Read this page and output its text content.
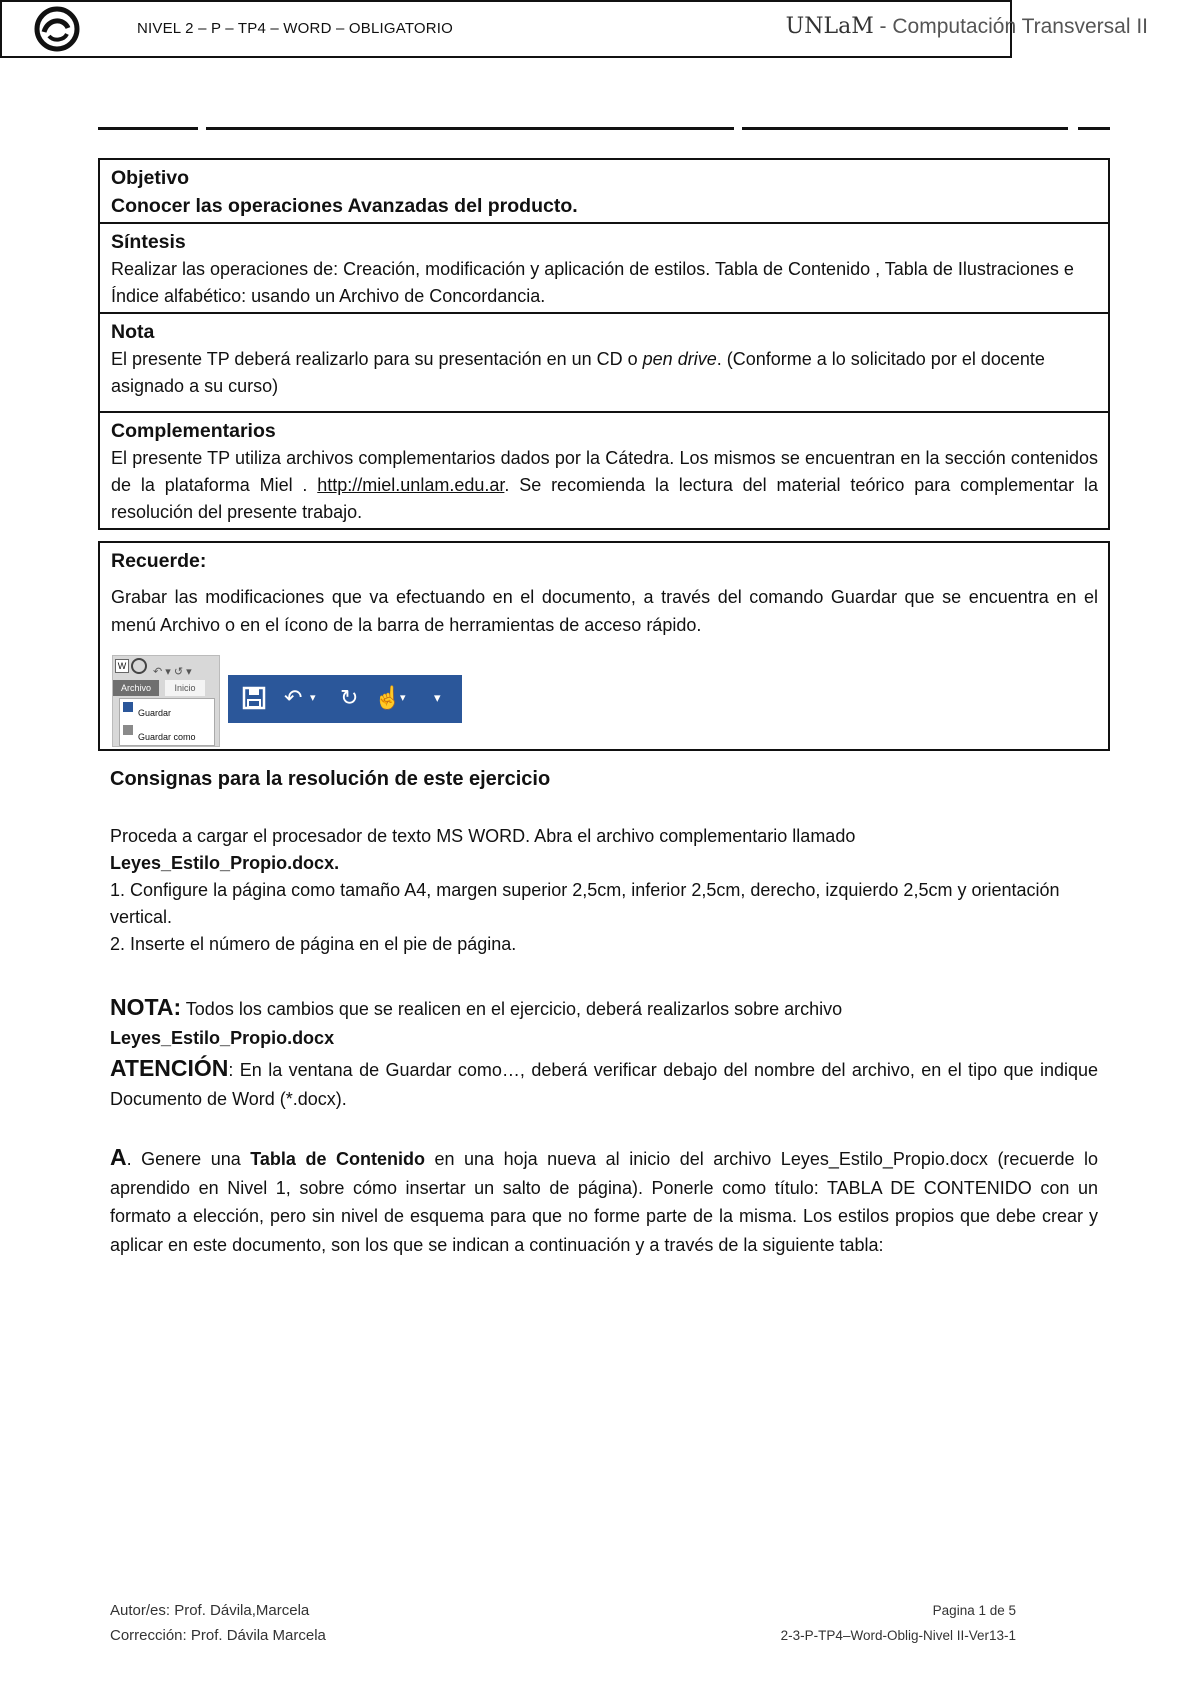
NIVEL 2 – P – TP4 – WORD – OBLIGATORIO	UNLaM - Computación Transversal II
Objetivo
Conocer las operaciones Avanzadas del producto.
Síntesis
Realizar las operaciones de: Creación, modificación y aplicación de estilos. Tabla de Contenido , Tabla de Ilustraciones e Índice alfabético: usando un Archivo de Concordancia.
Nota
El presente TP deberá realizarlo para su presentación en un CD o pen drive. (Conforme a lo solicitado por el docente asignado a su curso)
Complementarios
El presente TP utiliza archivos complementarios dados por la Cátedra. Los mismos se encuentran en la sección contenidos de la plataforma Miel . http://miel.unlam.edu.ar. Se recomienda la lectura del material teórico para complementar la resolución del presente trabajo.
Recuerde:
Grabar las modificaciones que va efectuando en el documento, a través del comando Guardar que se encuentra en el menú Archivo o en el ícono de la barra de herramientas de acceso rápido.
W ↶ ▾ ↺ ▾
Archivo	Inicio
Guardar
Guardar como
↶ ▾ ↻ ☝
▾ ▾
Consignas para la resolución de este ejercicio
Proceda a cargar el procesador de texto MS WORD. Abra el archivo complementario llamado
Leyes_Estilo_Propio.docx.
1. Configure la página como tamaño A4, margen superior 2,5cm, inferior 2,5cm, derecho, izquierdo 2,5cm y orientación vertical.
2. Inserte el número de página en el pie de página.
NOTA: Todos los cambios que se realicen en el ejercicio, deberá realizarlos sobre archivo
Leyes_Estilo_Propio.docx
ATENCIÓN: En la ventana de Guardar como…, deberá verificar debajo del nombre del archivo, en el tipo que indique Documento de Word (*.docx).
A. Genere una Tabla de Contenido en una hoja nueva al inicio del archivo Leyes_Estilo_Propio.docx (recuerde lo aprendido en Nivel 1, sobre cómo insertar un salto de página). Ponerle como título: TABLA DE CONTENIDO con un formato a elección, pero sin nivel de esquema para que no forme parte de la misma. Los estilos propios que debe crear y aplicar en este documento, son los que se indican a continuación y a través de la siguiente tabla:
Autor/es: Prof. Dávila,Marcela
Corrección: Prof. Dávila Marcela
Pagina 1 de 5
2-3-P-TP4–Word-Oblig-Nivel II-Ver13-1
